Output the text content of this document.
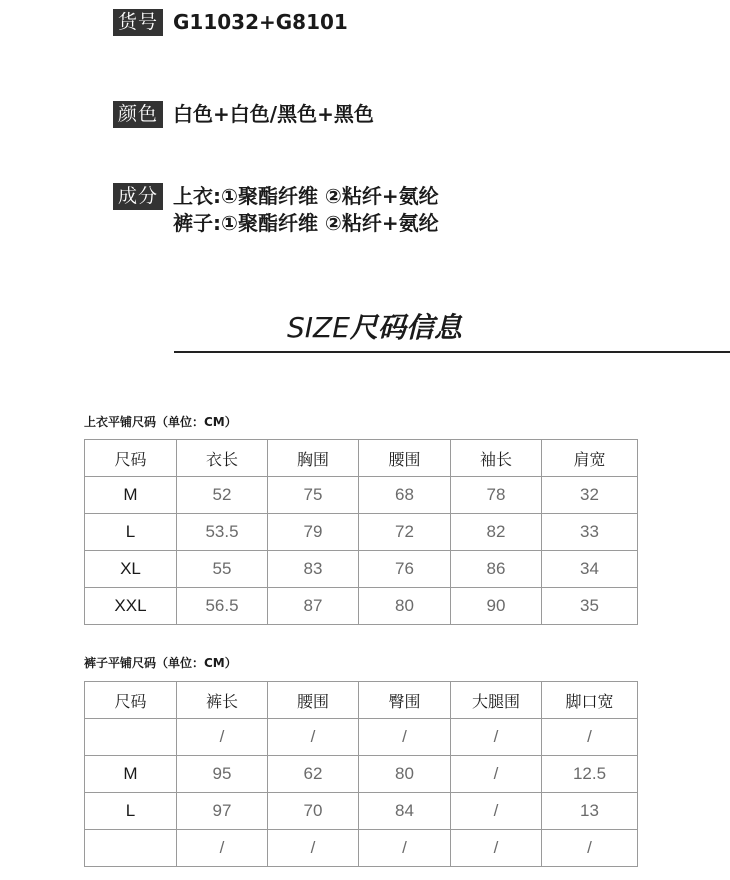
货号 G11032+G8101
颜色 白色+白色/黑色+黑色
成分 上衣:①聚酯纤维 ②粘纤+氨纶
裤子:①聚酯纤维 ②粘纤+氨纶
SIZE尺码信息
上衣平铺尺码（单位：CM）
尺码	衣长	胸围	腰围	袖长	肩宽
M	52	75	68	78	32
L	53.5	79	72	82	33
XL	55	83	76	86	34
XXL	56.5	87	80	90	35
裤子平铺尺码（单位：CM）
尺码	裤长	腰围	臀围	大腿围	脚口宽
	/	/	/	/	/
M	95	62	80	/	12.5
L	97	70	84	/	13
	/	/	/	/	/
